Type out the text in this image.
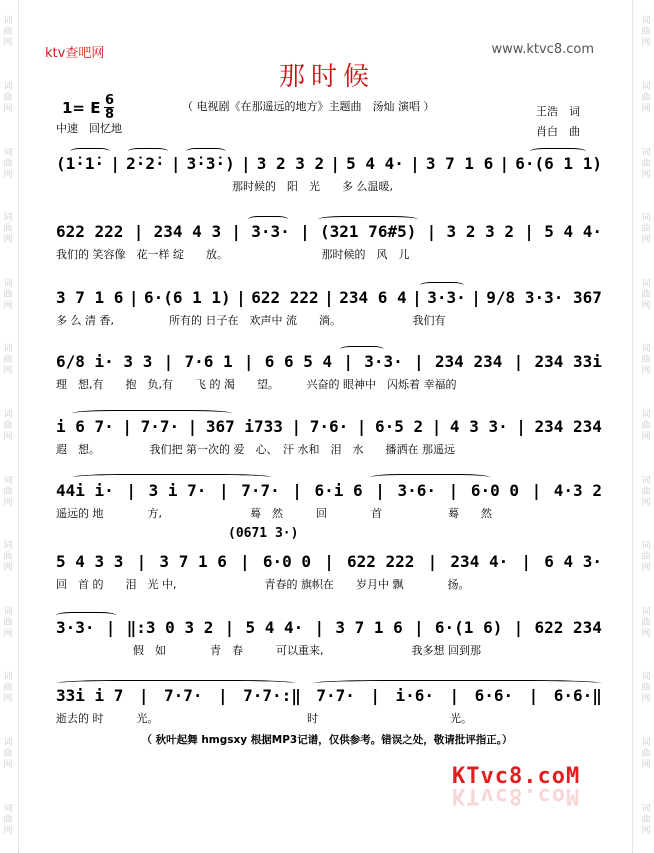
词
曲
网
词
曲
网
词
曲
网
词
曲
网
词
曲
网
词
曲
网
词
曲
网
词
曲
网
词
曲
网
词
曲
网
词
曲
网
词
曲
网
词
曲
网
词
曲
网
词
曲
网
词
曲
网
词
曲
网
词
曲
网
词
曲
网
词
曲
网
词
曲
网
词
曲
网
词
曲
网
词
曲
网
词
曲
网
词
曲
网
ktv查吧网	www.ktvc8.com
那时候
1= E $\frac{6}{8}$	（ 电视剧《在那遥远的地方》主题曲　汤灿 演唱 ）	王浩　词
肖白　曲
中速　回忆地
(1̇·1̇· | 2̇·2̇· | 3̇·3̇·) | 3 2 3 2 | 5 4 4· | 3 7 1 6 | 6·(6 1 1)
　　　　　　　　　　　　　　　　那时候的　阳　光　　多 么温暖,
622 222 | 234 4 3 | 3·3· | (321 76#5) | 3 2 3 2 | 5 4 4·
我们的 笑容像　花一样 绽　　放。　　　　　　　　　那时候的　风　儿
3 7 1 6 | 6·(6 1 1) | 622 222 | 234 6 4 | 3·3· | 9/8 3·3· 367
多 么 清 香,　　　　　所有的 日子在　欢声中 流　　淌。　　　　　　　我们有
6/8 i· 3 3 | 7·6 1 | 6 6 5 4 | 3·3· | 234 234 | 234 33i
理　想,有　　抱　负,有　　飞 的 渴　　望。　　　兴奋的 眼神中　闪烁着 幸福的
i 6 7· | 7·7· | 367 i733 | 7·6· | 6·5 2 | 4 3 3· | 234 234
遐　想。　　　　　我们把 第一次的 爱　心、　汗 水和　泪　水　　播洒在 那遥远
44i i· | 3 i 7· | 7·7· | 6·i 6 | 3·6· | 6·0 0 | 4·3 2
遥远的 地　　　　方,　　　　　　　　蓦　然　　　回　　　　首　　　　　　蓦　　然
(0671 3·)
5 4 3 3 | 3 7 1 6 | 6·0 0 | 622 222 | 234 4· | 6 4 3·
回　首 的　　泪　光 中,　　　　　　　　青春的 旗帜在　　岁月中 飘　　　　扬。
3·3· | ‖:3 0 3 2 | 5 4 4· | 3 7 1 6 | 6·(1 6) | 622 234
　　　　　　　假　如　　　　青　春　　　可以重来,　　　　　　　　我多想 回到那
33i i 7 | 7·7· | 7·7·:‖ 7·7· | i·6· | 6·6· | 6·6·‖
逝去的 时　　　光。　　　　　　　　　　　　　　时　　　　　　　　　　　　光。
（ 秋叶起舞 hmgsxy 根据MP3记谱，仅供参考。错误之处，敬请批评指正。）
KTvc8.coM
KTvc8.coM
